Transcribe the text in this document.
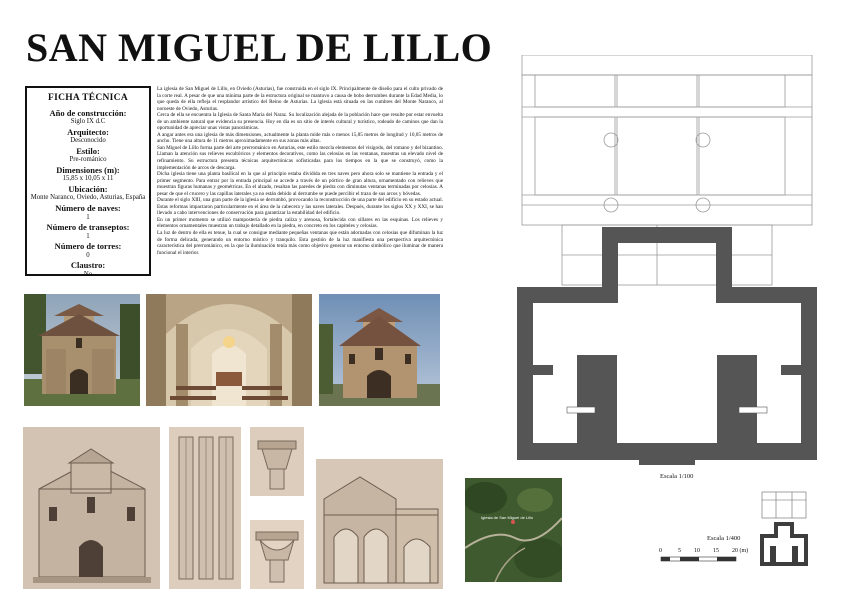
SAN MIGUEL DE LILLO
FICHA TÉCNICA
Año de construcción:
Siglo IX d.C
Arquitecto:
Desconocido
Estilo:
Pre-románico
Dimensiones (m):
15,85 x 10,05 x 11
Ubicación:
Monte Naranco, Oviedo, Asturias, España
Número de naves:
1
Número de transeptos:
1
Número de torres:
0
Claustro:
No

La iglesia de San Miguel de Lillo, en Oviedo (Asturias), fue construida en el siglo IX. Principalmente de diseño para el culto privado de la corte real. A pesar de que una mínima parte de la estructura original se mantuvo a causa de bobo derrumbes durante la Edad Media, lo que queda de ella refleja el resplandor artístico del Reino de Asturias. La iglesia está situada en las cumbres del Monte Naranco, al noroeste de Oviedo, Asturias.

Cerca de ella se encuentra la Iglesia de Santa María del Naraz. Su localización alejada de la población hace que resulte por estar envuelta de un ambiente natural que evidencia su presencia. Hoy en día es un sitio de interés cultural y turístico, rodeado de caminos que dan la oportunidad de apreciar unas vistas panorámicas.

A angar antes era una iglesia de más dimensiones, actualmente la planta mide más o menos 15,85 metros de longitud y 10,05 metros de ancho. Tiene una altura de 11 metros aproximadamente en sus zonas más altas.

San Miguel de Lillo forma parte del arte prerrománico en Asturias, este estilo mezcla elementos del visigodo, del romano y del bizantino. Llaman la atención sus relieves escultóricos y elementos decorativos, como las celosías en las ventanas, muestras un elevado nivel de refinamiento. Su estructura presenta técnicas arquitectónicas sofisticadas para los tiempos en la que se construyó, como la implementación de arcos de descarga.

Dicha iglesia tiene una planta basilical en la que al principio estaba dividida en tres naves pero ahora solo se mantiene la entrada y el primer segmento. Para entrar por la entrada principal se accede a través de un pórtico de gran altura, ornamentado con relieves que muestran figuras humanas y geométricas. En el alzado, resaltan las paredes de piedra con diminutas ventanas terminadas por celosías. A pesar de que el crucero y las capillas laterales ya no están debido al derrumbe se puede percibir el trazo de sus arcos y bóvedas.

Durante el siglo XIII, una gran parte de la iglesia se derrumbó, provocando la reconstrucción de una parte del edificio en su estado actual. Estas reformas impactaron particularmente en el área de la cabecera y las naves laterales. Después, durante los siglos XX y XXI, se han llevado a cabo intervenciones de conservación para garantizar la estabilidad del edificio.

En un primer momento se utilizó mampostería de piedra caliza y arenosa, fortalecida con sillares en las esquinas. Los relieves y elementos ornamentales muestran un trabajo detallado en la piedra, en concreto en los capiteles y celosías.

La luz de dentro de ella es tenue, la cual se consigue mediante pequeñas ventanas que están adornadas con celosías que difuminan la luz de forma delicada, generando un entorno místico y tranquilo. Esta gestión de la luz manifiesta una perspectiva arquitectónica característica del prerrománico, en la que la iluminación tenía más como objetivo generar un entorno simbólico que iluminar de manera funcional el interior.

Iglesia de San Miguel de Lillo
Escala 1/100
Escala 1/400
0	5 10 15 20 (m)
